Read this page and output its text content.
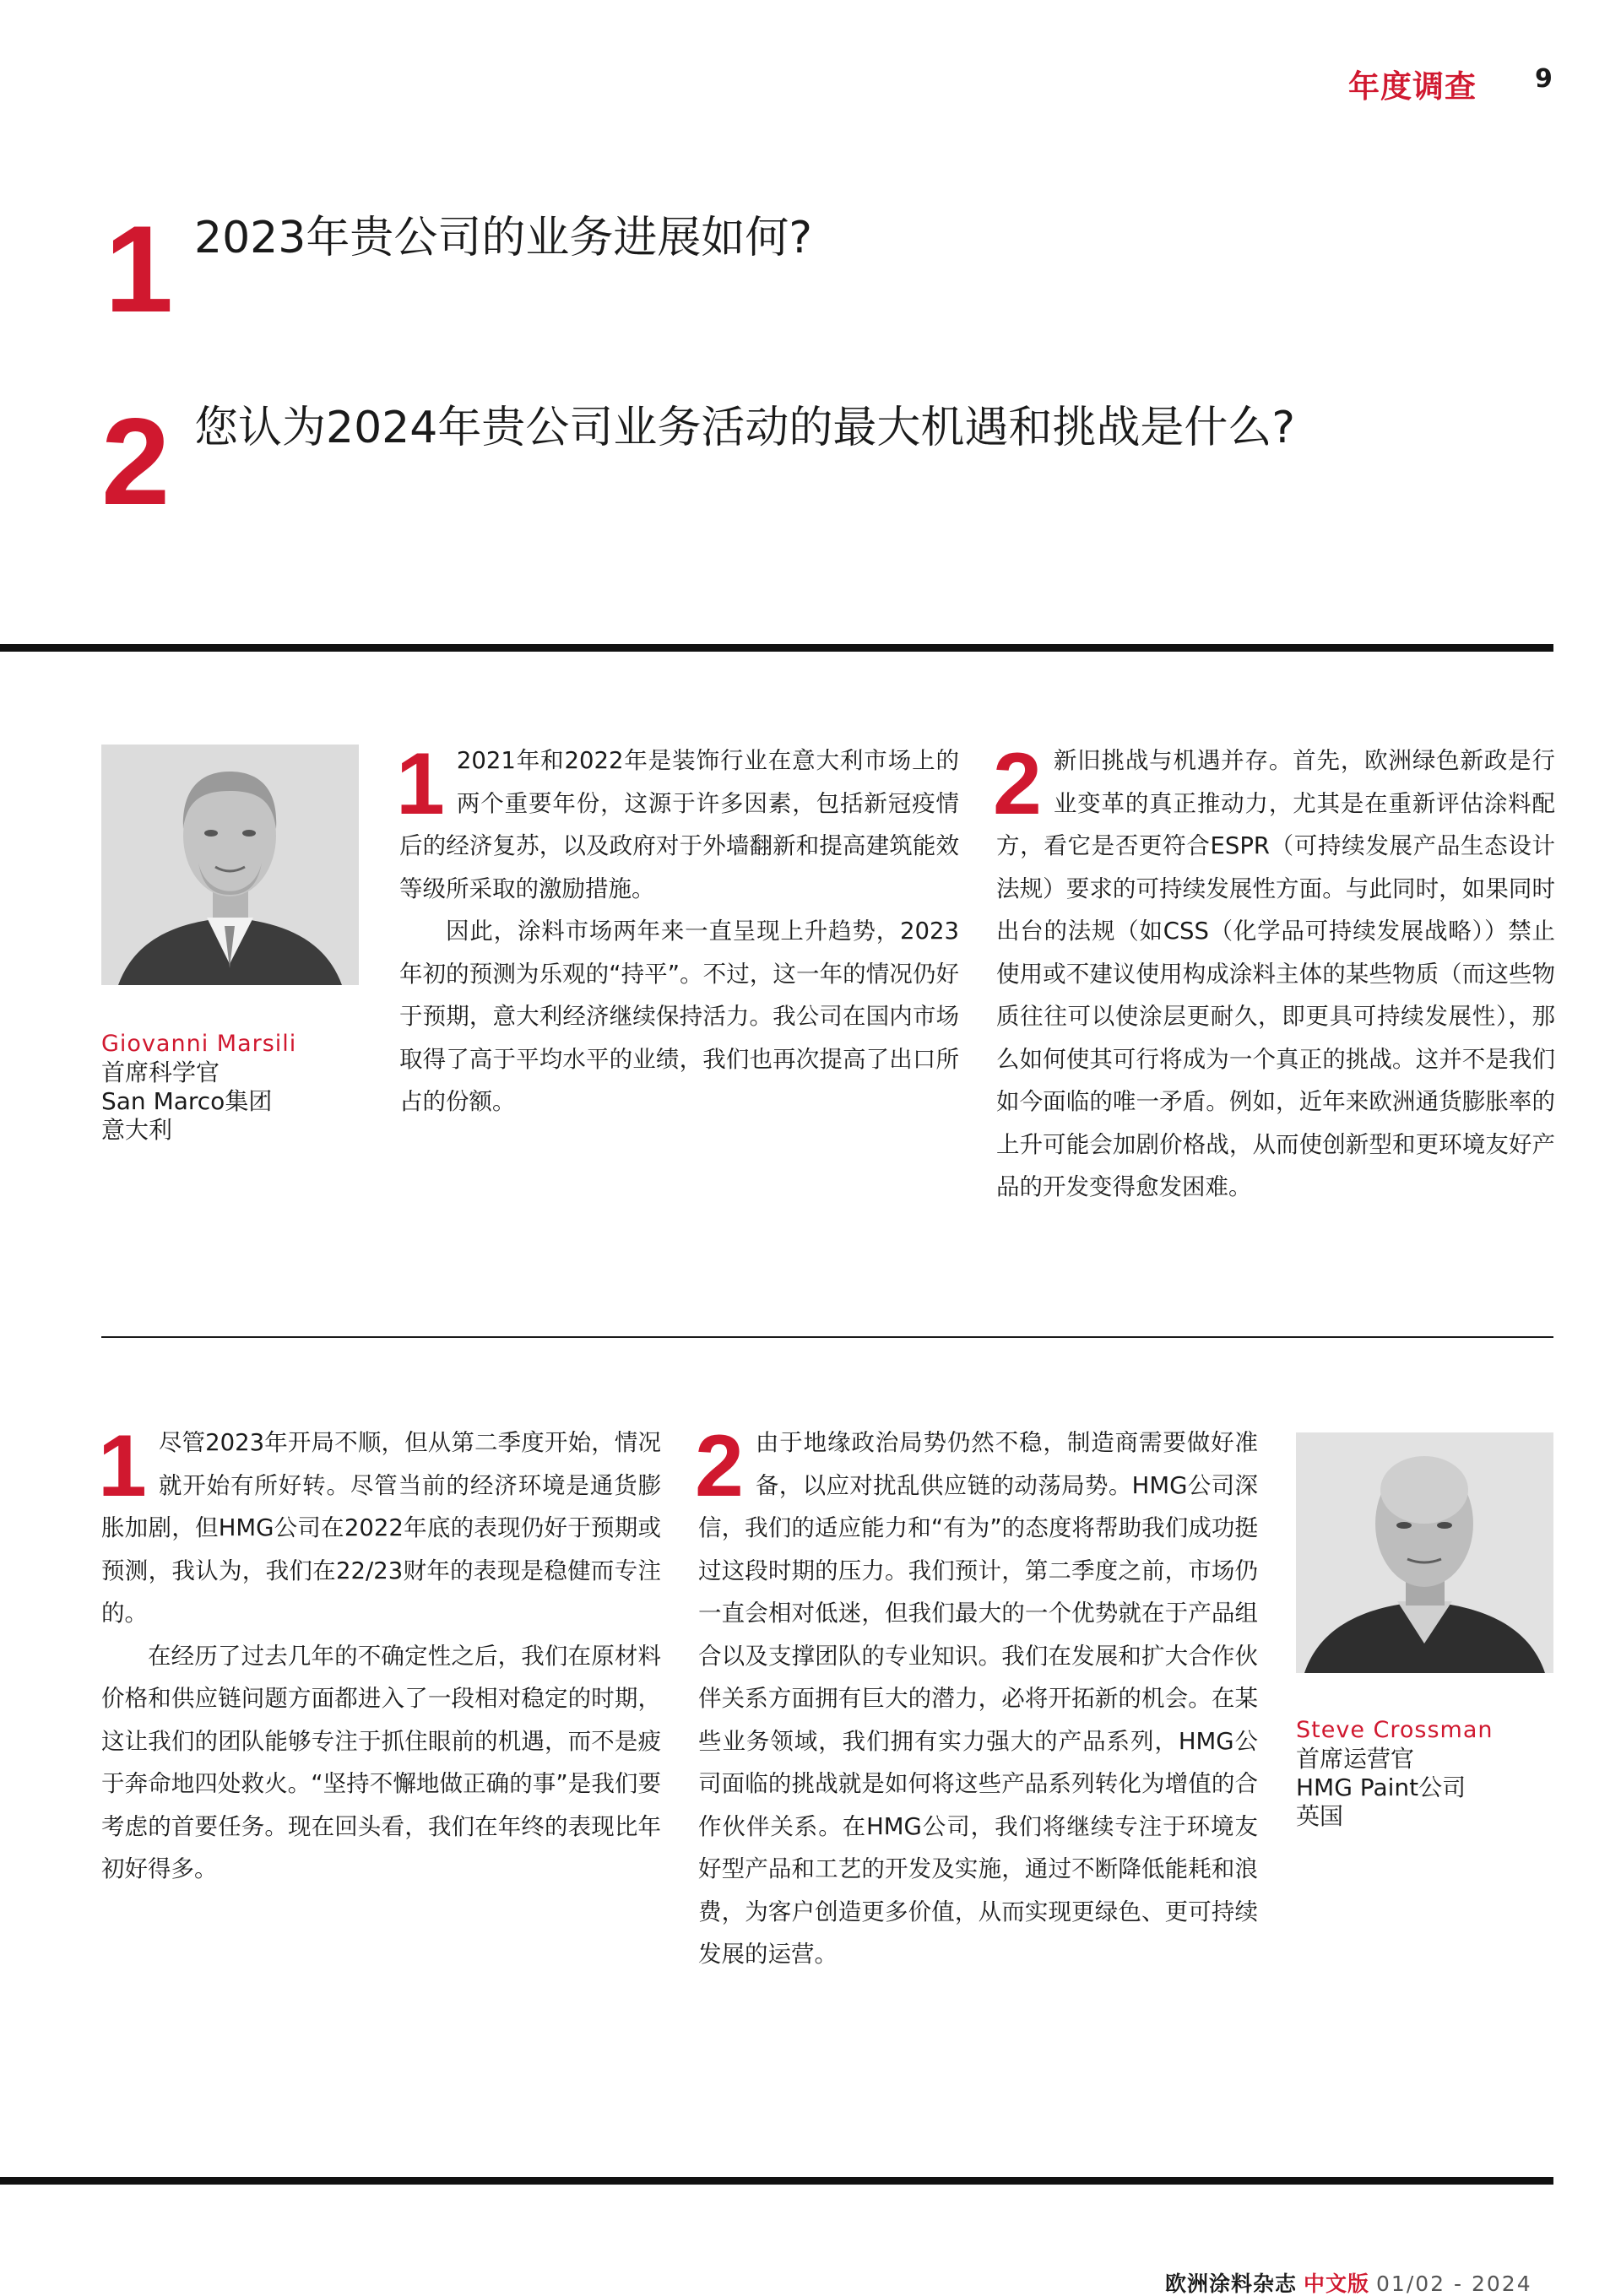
年度调查 9
1 2023年贵公司的业务进展如何?
2 您认为2024年贵公司业务活动的最大机遇和挑战是什么?
Giovanni Marsili
首席科学官
San Marco集团
意大利
1 2021年和2022年是装饰行业在意大利市场上的两个重要年份，这源于许多因素，包括新冠疫情后的经济复苏，以及政府对于外墙翻新和提高建筑能效等级所采取的激励措施。

因此，涂料市场两年来一直呈现上升趋势，2023年初的预测为乐观的“持平”。不过，这一年的情况仍好于预期，意大利经济继续保持活力。我公司在国内市场取得了高于平均水平的业绩，我们也再次提高了出口所占的份额。

2 新旧挑战与机遇并存。首先，欧洲绿色新政是行业变革的真正推动力，尤其是在重新评估涂料配方，看它是否更符合ESPR（可持续发展产品生态设计法规）要求的可持续发展性方面。与此同时，如果同时出台的法规（如CSS（化学品可持续发展战略））禁止使用或不建议使用构成涂料主体的某些物质（而这些物质往往可以使涂层更耐久，即更具可持续发展性），那么如何使其可行将成为一个真正的挑战。这并不是我们如今面临的唯一矛盾。例如，近年来欧洲通货膨胀率的上升可能会加剧价格战，从而使创新型和更环境友好产品的开发变得愈发困难。

1 尽管2023年开局不顺，但从第二季度开始，情况就开始有所好转。尽管当前的经济环境是通货膨胀加剧，但HMG公司在2022年底的表现仍好于预期或预测，我认为，我们在22/23财年的表现是稳健而专注的。

在经历了过去几年的不确定性之后，我们在原材料价格和供应链问题方面都进入了一段相对稳定的时期，这让我们的团队能够专注于抓住眼前的机遇，而不是疲于奔命地四处救火。“坚持不懈地做正确的事”是我们要考虑的首要任务。现在回头看，我们在年终的表现比年初好得多。

2 由于地缘政治局势仍然不稳，制造商需要做好准备，以应对扰乱供应链的动荡局势。HMG公司深信，我们的适应能力和“有为”的态度将帮助我们成功挺过这段时期的压力。我们预计，第二季度之前，市场仍一直会相对低迷，但我们最大的一个优势就在于产品组合以及支撑团队的专业知识。我们在发展和扩大合作伙伴关系方面拥有巨大的潜力，必将开拓新的机会。在某些业务领域，我们拥有实力强大的产品系列，HMG公司面临的挑战就是如何将这些产品系列转化为增值的合作伙伴关系。在HMG公司，我们将继续专注于环境友好型产品和工艺的开发及实施，通过不断降低能耗和浪费，为客户创造更多价值，从而实现更绿色、更可持续发展的运营。

Steve Crossman
首席运营官
HMG Paint公司
英国
欧洲涂料杂志 中文版 01/02 - 2024
